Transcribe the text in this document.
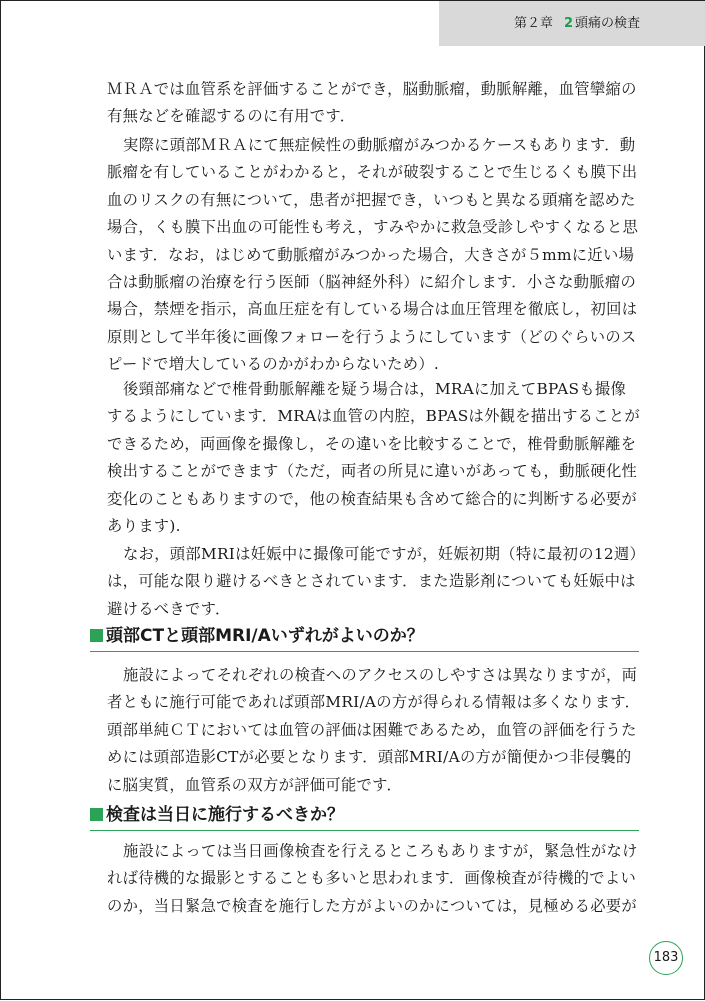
第２章 2 頭痛の検査
ＭＲＡでは血管系を評価することができ，脳動脈瘤，動脈解離，血管攣縮の
有無などを確認するのに有用です．
実際に頭部ＭＲＡにて無症候性の動脈瘤がみつかるケースもあります．動
脈瘤を有していることがわかると，それが破裂することで生じるくも膜下出
血のリスクの有無について，患者が把握でき，いつもと異なる頭痛を認めた
場合，くも膜下出血の可能性も考え，すみやかに救急受診しやすくなると思
います．なお，はじめて動脈瘤がみつかった場合，大きさが５mmに近い場
合は動脈瘤の治療を行う医師（脳神経外科）に紹介します．小さな動脈瘤の
場合，禁煙を指示，高血圧症を有している場合は血圧管理を徹底し，初回は
原則として半年後に画像フォローを行うようにしています（どのぐらいのス
ピードで増大しているのかがわからないため）.
後頸部痛などで椎骨動脈解離を疑う場合は，MRAに加えてBPASも撮像
するようにしています．MRAは血管の内腔，BPASは外観を描出することが
できるため，両画像を撮像し，その違いを比較することで，椎骨動脈解離を
検出することができます（ただ，両者の所見に違いがあっても，動脈硬化性
変化のこともありますので，他の検査結果も含めて総合的に判断する必要が
あります).
なお，頭部MRIは妊娠中に撮像可能ですが，妊娠初期（特に最初の12週）
は，可能な限り避けるべきとされています．また造影剤についても妊娠中は
避けるべきです．
施設によってそれぞれの検査へのアクセスのしやすさは異なりますが，両
者ともに施行可能であれば頭部MRI/Aの方が得られる情報は多くなります．
頭部単純ＣＴにおいては血管の評価は困難であるため，血管の評価を行うた
めには頭部造影CTが必要となります．頭部MRI/Aの方が簡便かつ非侵襲的
に脳実質，血管系の双方が評価可能です．
施設によっては当日画像検査を行えるところもありますが，緊急性がなけ
れば待機的な撮影とすることも多いと思われます．画像検査が待機的でよい
のか，当日緊急で検査を施行した方がよいのかについては，見極める必要が
頭部CTと頭部MRI/Aいずれがよいのか？
検査は当日に施行するべきか？
183
